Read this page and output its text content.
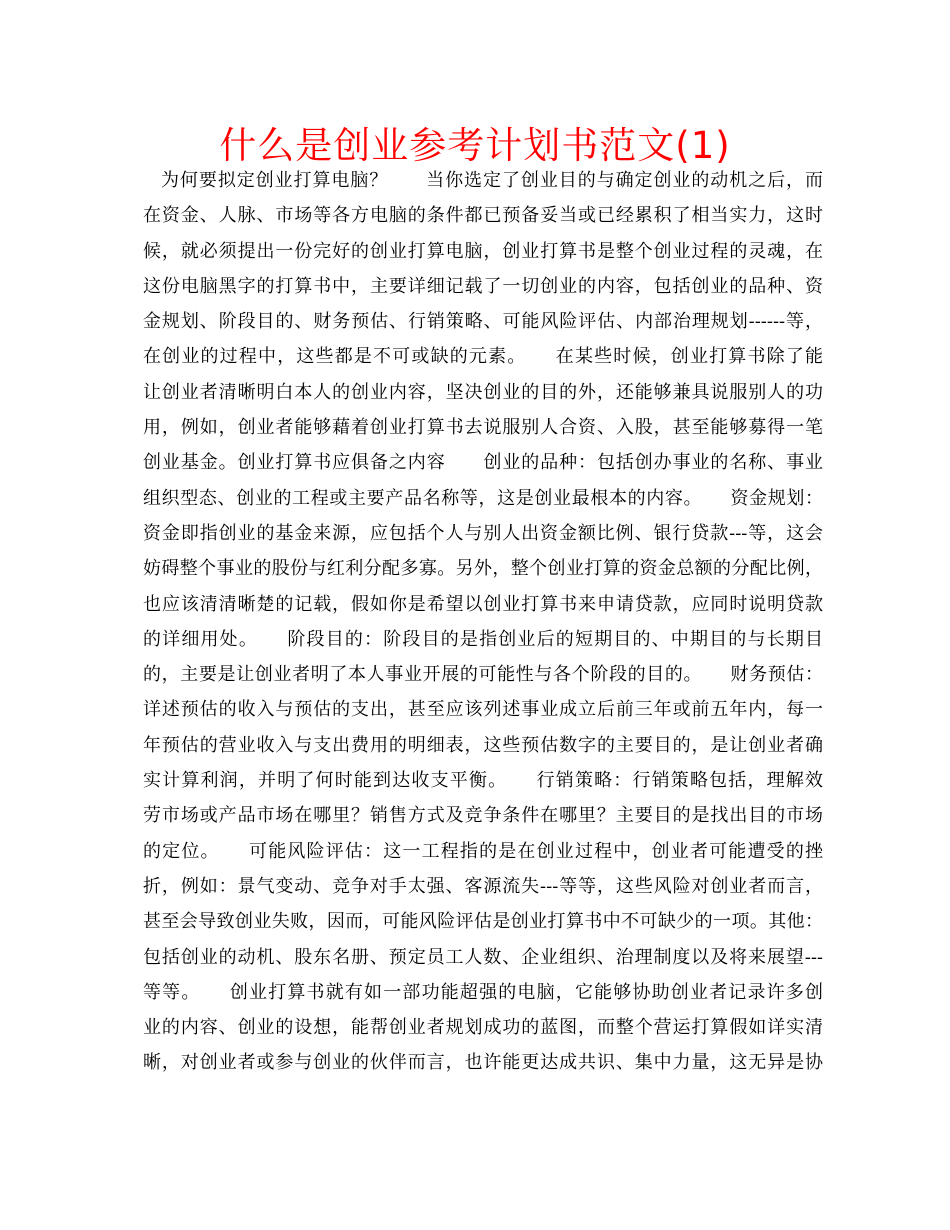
什么是创业参考计划书范文(1)
为何要拟定创业打算电脑？　　当你选定了创业目的与确定创业的动机之后，而
在资金、人脉、市场等各方电脑的条件都已预备妥当或已经累积了相当实力，这时
候，就必须提出一份完好的创业打算电脑，创业打算书是整个创业过程的灵魂，在
这份电脑黑字的打算书中，主要详细记载了一切创业的内容，包括创业的品种、资
金规划、阶段目的、财务预估、行销策略、可能风险评估、内部治理规划------等，
在创业的过程中，这些都是不可或缺的元素。　　在某些时候，创业打算书除了能
让创业者清晰明白本人的创业内容，坚决创业的目的外，还能够兼具说服别人的功
用，例如，创业者能够藉着创业打算书去说服别人合资、入股，甚至能够募得一笔
创业基金。创业打算书应俱备之内容　　创业的品种：包括创办事业的名称、事业
组织型态、创业的工程或主要产品名称等，这是创业最根本的内容。　　资金规划：
资金即指创业的基金来源，应包括个人与别人出资金额比例、银行贷款---等，这会
妨碍整个事业的股份与红利分配多寡。另外，整个创业打算的资金总额的分配比例，
也应该清清晰楚的记载，假如你是希望以创业打算书来申请贷款，应同时说明贷款
的详细用处。　　阶段目的：阶段目的是指创业后的短期目的、中期目的与长期目
的，主要是让创业者明了本人事业开展的可能性与各个阶段的目的。　　财务预估：
详述预估的收入与预估的支出，甚至应该列述事业成立后前三年或前五年内，每一
年预估的营业收入与支出费用的明细表，这些预估数字的主要目的，是让创业者确
实计算利润，并明了何时能到达收支平衡。　　行销策略：行销策略包括，理解效
劳市场或产品市场在哪里？销售方式及竞争条件在哪里？主要目的是找出目的市场
的定位。　　可能风险评估：这一工程指的是在创业过程中，创业者可能遭受的挫
折，例如：景气变动、竞争对手太强、客源流失---等等，这些风险对创业者而言，
甚至会导致创业失败，因而，可能风险评估是创业打算书中不可缺少的一项。其他：
包括创业的动机、股东名册、预定员工人数、企业组织、治理制度以及将来展望---
等等。　　创业打算书就有如一部功能超强的电脑，它能够协助创业者记录许多创
业的内容、创业的设想，能帮创业者规划成功的蓝图，而整个营运打算假如详实清
晰，对创业者或参与创业的伙伴而言，也许能更达成共识、集中力量，这无异是协
